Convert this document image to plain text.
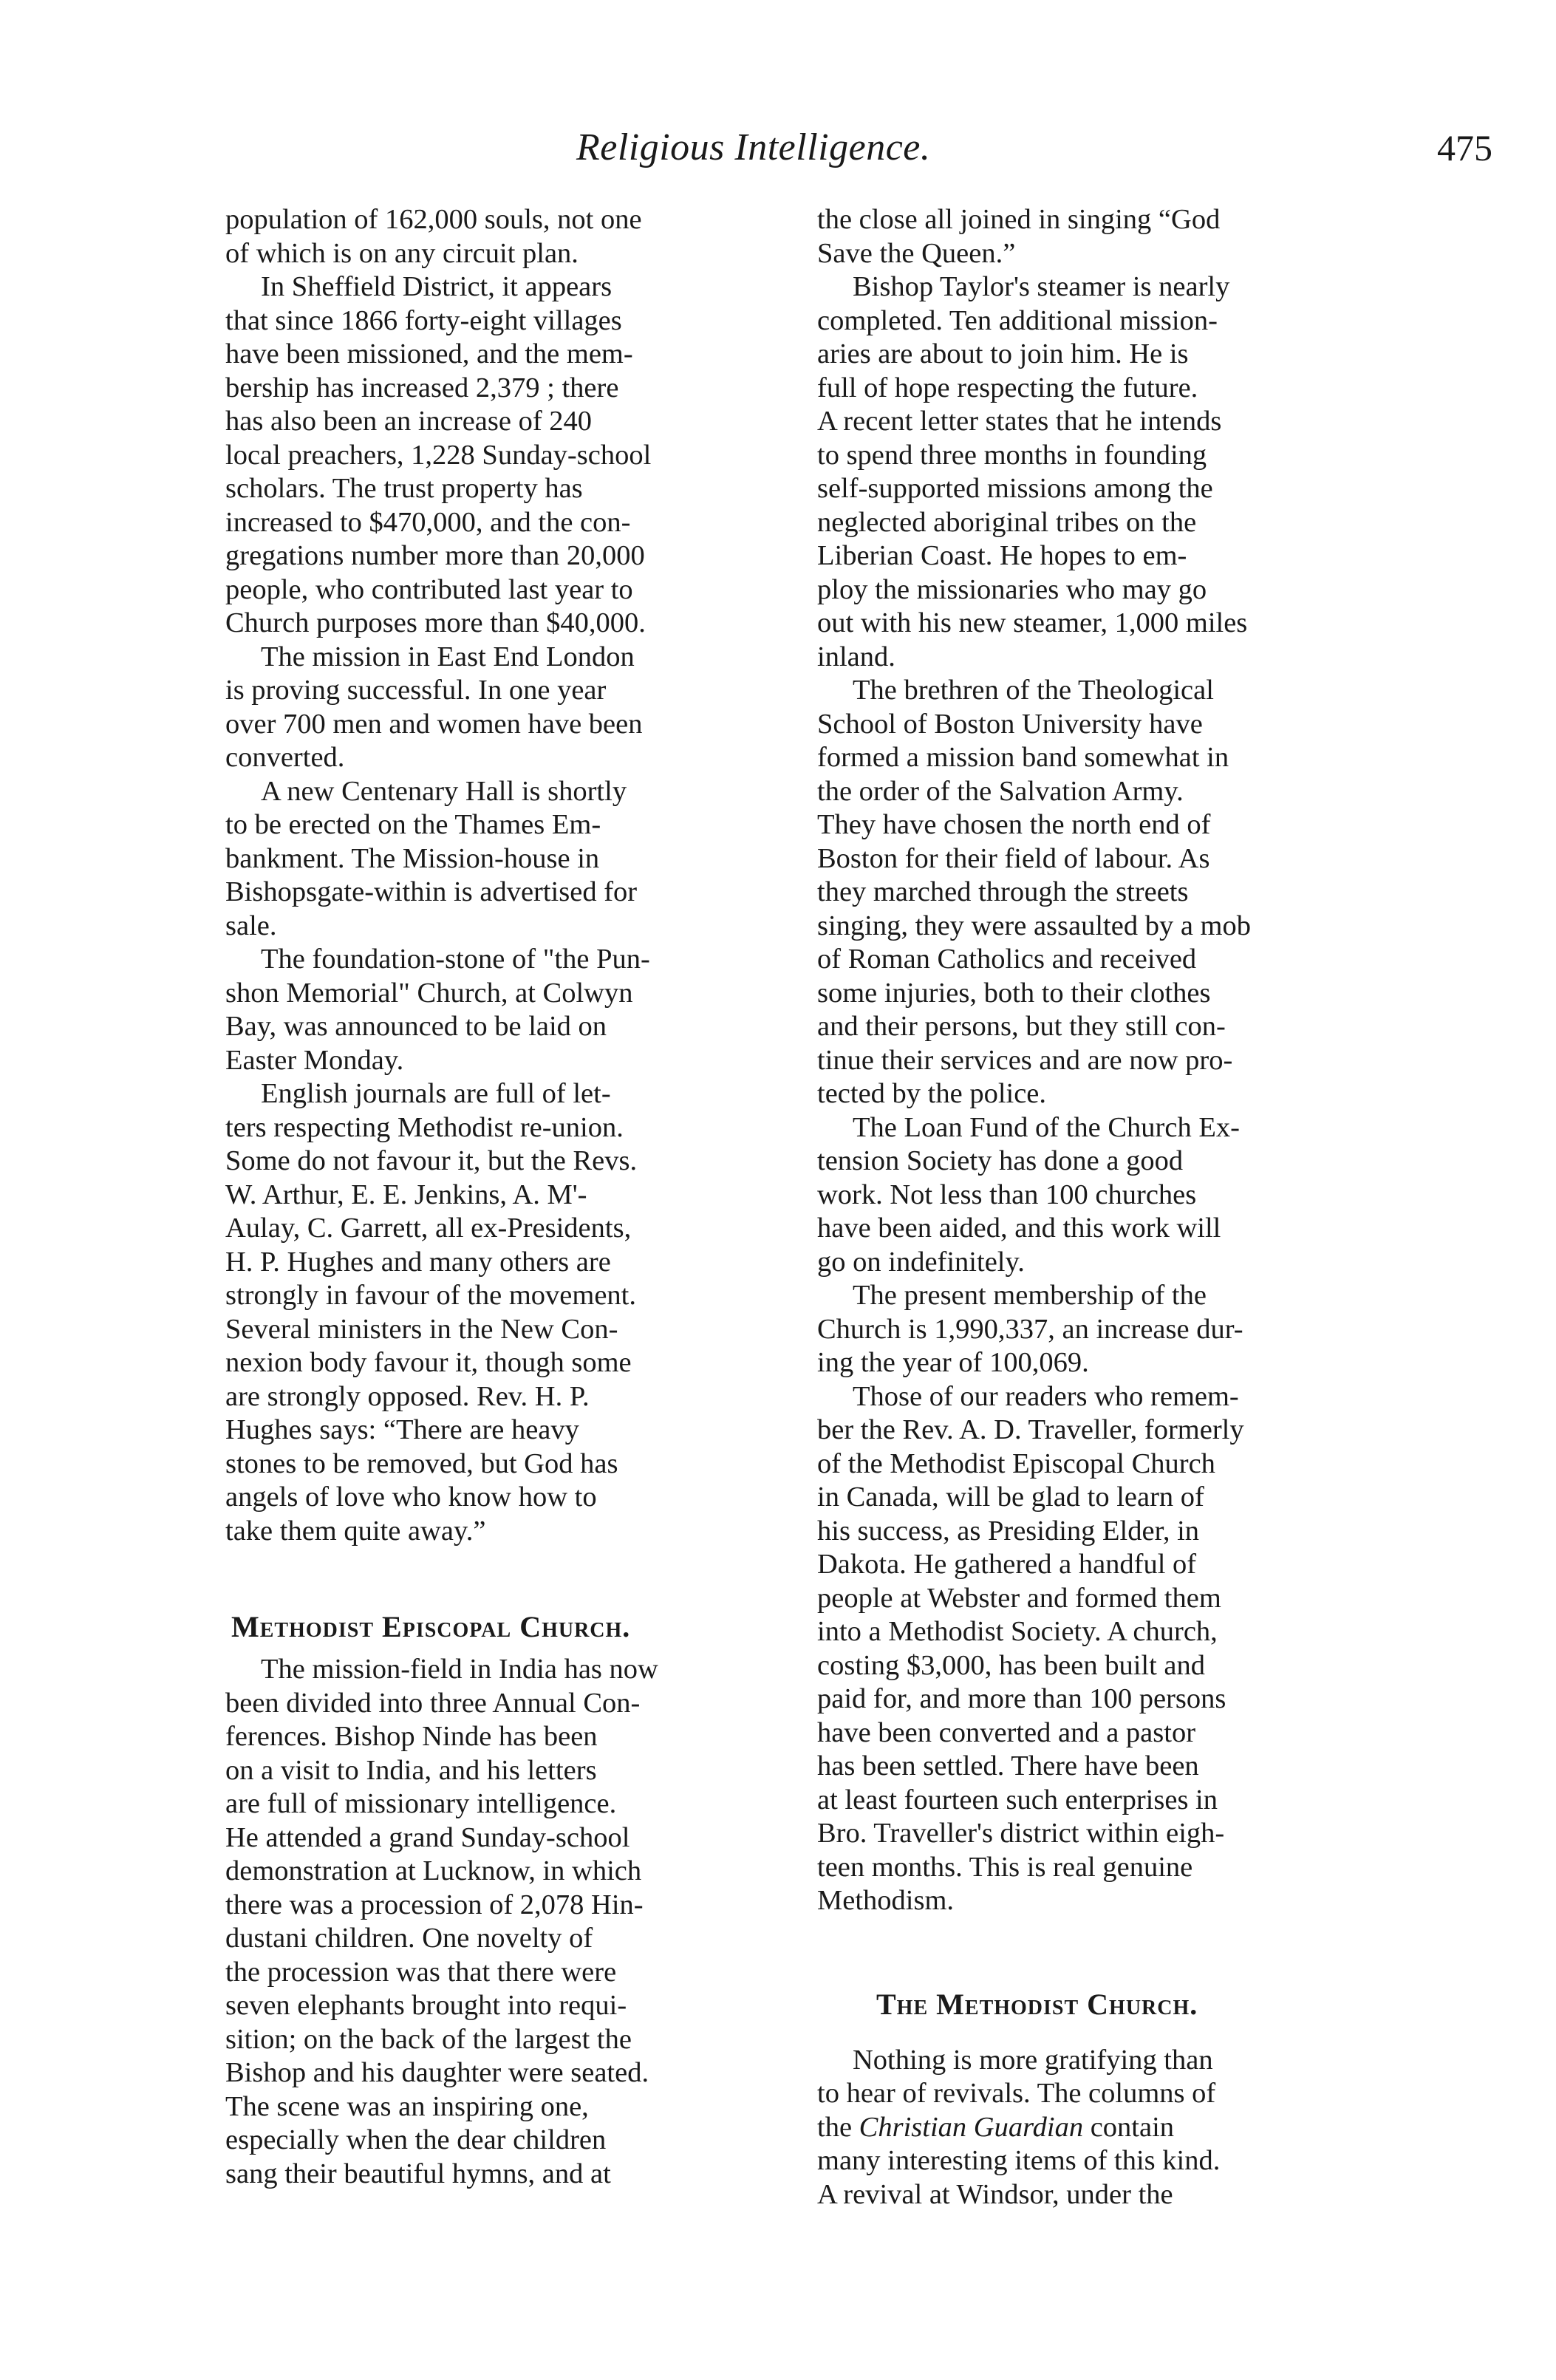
Religious Intelligence.	475
population of 162,000 souls, not one
of which is on any circuit plan.
In Sheffield District, it appears
that since 1866 forty-eight villages
have been missioned, and the mem-
bership has increased 2,379 ; there
has also been an increase of 240
local preachers, 1,228 Sunday-school
scholars. The trust property has
increased to $470,000, and the con-
gregations number more than 20,000
people, who contributed last year to
Church purposes more than $40,000.
The mission in East End London
is proving successful. In one year
over 700 men and women have been
converted.
A new Centenary Hall is shortly
to be erected on the Thames Em-
bankment. The Mission-house in
Bishopsgate-within is advertised for
sale.
The foundation-stone of "the Pun-
shon Memorial" Church, at Colwyn
Bay, was announced to be laid on
Easter Monday.
English journals are full of let-
ters respecting Methodist re-union.
Some do not favour it, but the Revs.
W. Arthur, E. E. Jenkins, A. M'-
Aulay, C. Garrett, all ex-Presidents,
H. P. Hughes and many others are
strongly in favour of the movement.
Several ministers in the New Con-
nexion body favour it, though some
are strongly opposed. Rev. H. P.
Hughes says: “There are heavy
stones to be removed, but God has
angels of love who know how to
take them quite away.”
Methodist Episcopal Church.
The mission-field in India has now
been divided into three Annual Con-
ferences. Bishop Ninde has been
on a visit to India, and his letters
are full of missionary intelligence.
He attended a grand Sunday-school
demonstration at Lucknow, in which
there was a procession of 2,078 Hin-
dustani children. One novelty of
the procession was that there were
seven elephants brought into requi-
sition; on the back of the largest the
Bishop and his daughter were seated.
The scene was an inspiring one,
especially when the dear children
sang their beautiful hymns, and at
the close all joined in singing “God
Save the Queen.”
Bishop Taylor's steamer is nearly
completed. Ten additional mission-
aries are about to join him. He is
full of hope respecting the future.
A recent letter states that he intends
to spend three months in founding
self-supported missions among the
neglected aboriginal tribes on the
Liberian Coast. He hopes to em-
ploy the missionaries who may go
out with his new steamer, 1,000 miles
inland.
The brethren of the Theological
School of Boston University have
formed a mission band somewhat in
the order of the Salvation Army.
They have chosen the north end of
Boston for their field of labour. As
they marched through the streets
singing, they were assaulted by a mob
of Roman Catholics and received
some injuries, both to their clothes
and their persons, but they still con-
tinue their services and are now pro-
tected by the police.
The Loan Fund of the Church Ex-
tension Society has done a good
work. Not less than 100 churches
have been aided, and this work will
go on indefinitely.
The present membership of the
Church is 1,990,337, an increase dur-
ing the year of 100,069.
Those of our readers who remem-
ber the Rev. A. D. Traveller, formerly
of the Methodist Episcopal Church
in Canada, will be glad to learn of
his success, as Presiding Elder, in
Dakota. He gathered a handful of
people at Webster and formed them
into a Methodist Society. A church,
costing $3,000, has been built and
paid for, and more than 100 persons
have been converted and a pastor
has been settled. There have been
at least fourteen such enterprises in
Bro. Traveller's district within eigh-
teen months. This is real genuine
Methodism.
The Methodist Church.
Nothing is more gratifying than
to hear of revivals. The columns of
the Christian Guardian contain
many interesting items of this kind.
A revival at Windsor, under the
